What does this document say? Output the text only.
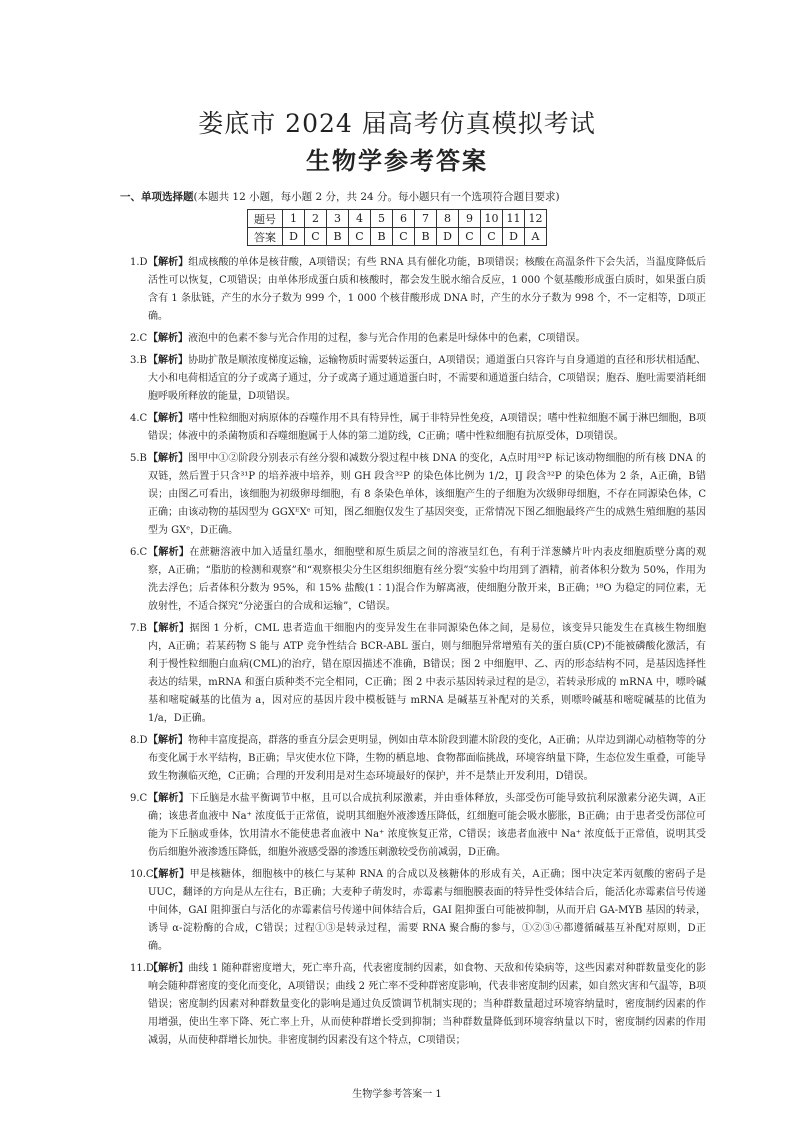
娄底市 2024 届高考仿真模拟考试
生物学参考答案
一、单项选择题(本题共 12 小题，每小题 2 分，共 24 分。每小题只有一个选项符合题目要求)
题号	1	2	3	4	5	6	7	8	9	10	11	12
答案	D	C	B	C	B	C	B	D	C	C	D	A
1.D 【解析】组成核酸的单体是核苷酸，A项错误；有些 RNA 具有催化功能，B项错误；核酸在高温条件下会失活，当温度降低后活性可以恢复，C项错误；由单体形成蛋白质和核酸时，都会发生脱水缩合反应，1 000 个氨基酸形成蛋白质时，如果蛋白质含有 1 条肽链，产生的水分子数为 999 个，1 000 个核苷酸形成 DNA 时，产生的水分子数为 998 个，不一定相等，D项正确。
2.C 【解析】液泡中的色素不参与光合作用的过程，参与光合作用的色素是叶绿体中的色素，C项错误。
3.B 【解析】协助扩散是顺浓度梯度运输，运输物质时需要转运蛋白，A项错误；通道蛋白只容许与自身通道的直径和形状相适配、大小和电荷相适宜的分子或离子通过，分子或离子通过通道蛋白时，不需要和通道蛋白结合，C项错误；胞吞、胞吐需要消耗细胞呼吸所释放的能量，D项错误。
4.C 【解析】嗜中性粒细胞对病原体的吞噬作用不具有特异性，属于非特异性免疫，A项错误；嗜中性粒细胞不属于淋巴细胞，B项错误；体液中的杀菌物质和吞噬细胞属于人体的第二道防线，C正确；嗜中性粒细胞有抗原受体，D项错误。
5.B 【解析】图甲中①②阶段分别表示有丝分裂和减数分裂过程中核 DNA 的变化，A点时用³²P 标记该动物细胞的所有核 DNA 的双链，然后置于只含³¹P 的培养液中培养，则 GH 段含³²P 的染色体比例为 1/2，IJ 段含³²P 的染色体为 2 条，A正确，B错误；由图乙可看出，该细胞为初级卵母细胞，有 8 条染色单体，该细胞产生的子细胞为次级卵母细胞，不存在同源染色体，C正确；由该动物的基因型为 GGXᴱXᵉ 可知，图乙细胞仅发生了基因突变，正常情况下图乙细胞最终产生的成熟生殖细胞的基因型为 GXᵉ，D正确。
6.C 【解析】在蔗糖溶液中加入适量红墨水，细胞壁和原生质层之间的溶液呈红色，有利于洋葱鳞片叶内表皮细胞质壁分离的观察，A正确；“脂肪的检测和观察”和“观察根尖分生区组织细胞有丝分裂”实验中均用到了酒精，前者体积分数为 50%，作用为洗去浮色；后者体积分数为 95%，和 15% 盐酸(1∶1)混合作为解离液，使细胞分散开来，B正确；¹⁸O 为稳定的同位素，无放射性，不适合探究“分泌蛋白的合成和运输”，C错误。
7.B 【解析】据图 1 分析，CML 患者造血干细胞内的变异发生在非同源染色体之间，是易位，该变异只能发生在真核生物细胞内，A正确；若某药物 S 能与 ATP 竞争性结合 BCR-ABL 蛋白，则与细胞异常增殖有关的蛋白质(CP)不能被磷酸化激活，有利于慢性粒细胞白血病(CML)的治疗，错在原因描述不准确，B错误；图 2 中细胞甲、乙、丙的形态结构不同，是基因选择性表达的结果，mRNA 和蛋白质种类不完全相同，C正确；图 2 中表示基因转录过程的是②，若转录形成的 mRNA 中，嘌呤碱基和嘧啶碱基的比值为 a，因对应的基因片段中模板链与 mRNA 是碱基互补配对的关系，则嘌呤碱基和嘧啶碱基的比值为 1/a，D正确。
8.D 【解析】物种丰富度提高，群落的垂直分层会更明显，例如由草本阶段到灌木阶段的变化，A正确；从岸边到湖心动植物等的分布变化属于水平结构，B正确；旱灾使水位下降，生物的栖息地、食物都面临挑战，环境容纳量下降，生态位发生重叠，可能导致生物濒临灭绝，C正确；合理的开发利用是对生态环境最好的保护，并不是禁止开发利用，D错误。
9.C 【解析】下丘脑是水盐平衡调节中枢，且可以合成抗利尿激素，并由垂体释放，头部受伤可能导致抗利尿激素分泌失调，A正确；该患者血液中 Na⁺ 浓度低于正常值，说明其细胞外液渗透压降低，红细胞可能会吸水膨胀，B正确；由于患者受伤部位可能为下丘脑或垂体，饮用清水不能使患者血液中 Na⁺ 浓度恢复正常，C错误；该患者血液中 Na⁺ 浓度低于正常值，说明其受伤后细胞外液渗透压降低，细胞外液感受器的渗透压刺激较受伤前减弱，D正确。
10.C
【解析】甲是核糖体，细胞核中的核仁与某种 RNA 的合成以及核糖体的形成有关，A正确；图中决定苯丙氨酸的密码子是 UUC，翻译的方向是从左往右，B正确；大麦种子萌发时，赤霉素与细胞膜表面的特异性受体结合后，能活化赤霉素信号传递中间体，GAI 阻抑蛋白与活化的赤霉素信号传递中间体结合后，GAI 阻抑蛋白可能被抑制，从而开启 GA-MYB 基因的转录，诱导 α-淀粉酶的合成，C错误；过程①③是转录过程，需要 RNA 聚合酶的参与，①②③④都遵循碱基互补配对原则，D正确。
11.D
【解析】曲线 1 随种群密度增大，死亡率升高，代表密度制约因素，如食物、天敌和传染病等，这些因素对种群数量变化的影响会随种群密度的变化而变化，A项错误；曲线 2 死亡率不受种群密度影响，代表非密度制约因素，如自然灾害和气温等，B项错误；密度制约因素对种群数量变化的影响是通过负反馈调节机制实现的；当种群数量超过环境容纳量时，密度制约因素的作用增强，使出生率下降、死亡率上升，从而使种群增长受到抑制；当种群数量降低到环境容纳量以下时，密度制约因素的作用减弱，从而使种群增长加快。非密度制约因素没有这个特点，C项错误；
生物学参考答案一 1
